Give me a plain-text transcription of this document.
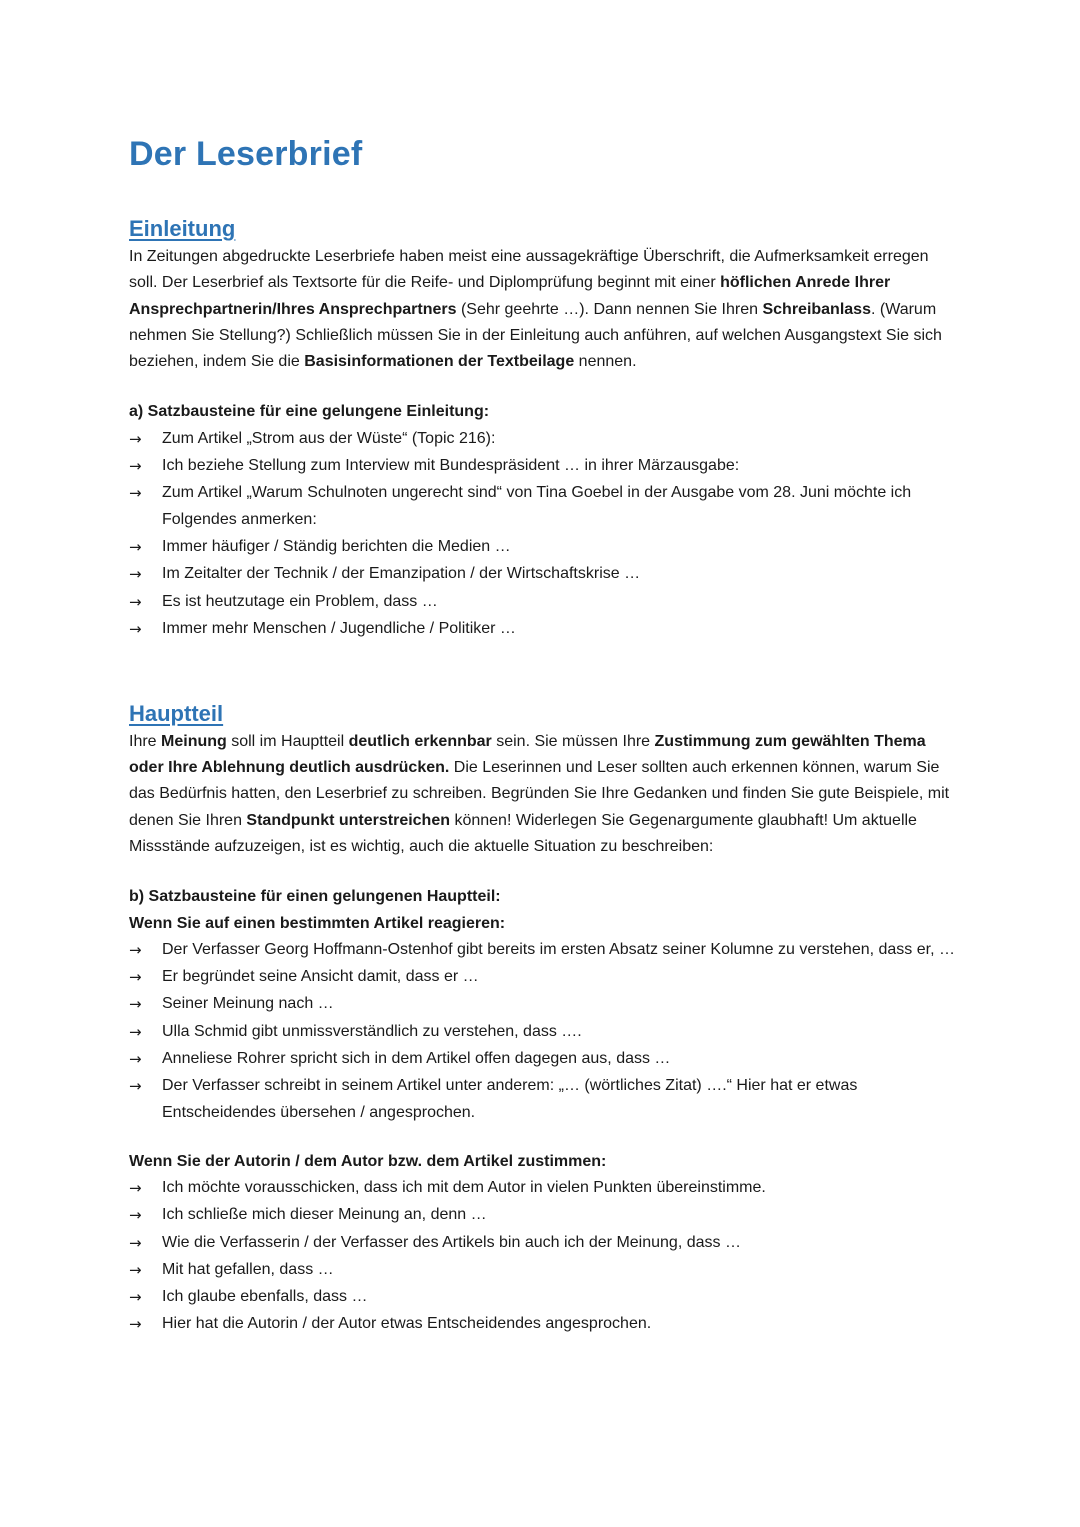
Der Leserbrief
Einleitung

In Zeitungen abgedruckte Leserbriefe haben meist eine aussagekräftige Überschrift, die Aufmerksamkeit erregen soll. Der Leserbrief als Textsorte für die Reife- und Diplomprüfung beginnt mit einer höflichen Anrede Ihrer Ansprechpartnerin/Ihres Ansprechpartners (Sehr geehrte …). Dann nennen Sie Ihren Schreibanlass. (Warum nehmen Sie Stellung?) Schließlich müssen Sie in der Einleitung auch anführen, auf welchen Ausgangstext Sie sich beziehen, indem Sie die Basisinformationen der Textbeilage nennen.

a) Satzbausteine für eine gelungene Einleitung:

→	Zum Artikel „Strom aus der Wüste“ (Topic 216):
→	Ich beziehe Stellung zum Interview mit Bundespräsident … in ihrer Märzausgabe:
→	Zum Artikel „Warum Schulnoten ungerecht sind“ von Tina Goebel in der Ausgabe vom 28. Juni möchte ich Folgendes anmerken:
→	Immer häufiger / Ständig berichten die Medien …
→	Im Zeitalter der Technik / der Emanzipation / der Wirtschaftskrise …
→	Es ist heutzutage ein Problem, dass …
→	Immer mehr Menschen / Jugendliche / Politiker …
Hauptteil

Ihre Meinung soll im Hauptteil deutlich erkennbar sein. Sie müssen Ihre Zustimmung zum gewählten Thema oder Ihre Ablehnung deutlich ausdrücken. Die Leserinnen und Leser sollten auch erkennen können, warum Sie das Bedürfnis hatten, den Leserbrief zu schreiben. Begründen Sie Ihre Gedanken und finden Sie gute Beispiele, mit denen Sie Ihren Standpunkt unterstreichen können! Widerlegen Sie Gegenargumente glaubhaft! Um aktuelle Missstände aufzuzeigen, ist es wichtig, auch die aktuelle Situation zu beschreiben:

b) Satzbausteine für einen gelungenen Hauptteil:

Wenn Sie auf einen bestimmten Artikel reagieren:

→	Der Verfasser Georg Hoffmann-Ostenhof gibt bereits im ersten Absatz seiner Kolumne zu verstehen, dass er, …
→	Er begründet seine Ansicht damit, dass er …
→	Seiner Meinung nach …
→	Ulla Schmid gibt unmissverständlich zu verstehen, dass ….
→	Anneliese Rohrer spricht sich in dem Artikel offen dagegen aus, dass …
→	Der Verfasser schreibt in seinem Artikel unter anderem: „… (wörtliches Zitat) ….“ Hier hat er etwas Entscheidendes übersehen / angesprochen.

Wenn Sie der Autorin / dem Autor bzw. dem Artikel zustimmen:

→	Ich möchte vorausschicken, dass ich mit dem Autor in vielen Punkten übereinstimme.
→	Ich schließe mich dieser Meinung an, denn …
→	Wie die Verfasserin / der Verfasser des Artikels bin auch ich der Meinung, dass …
→	Mit hat gefallen, dass …
→	Ich glaube ebenfalls, dass …
→	Hier hat die Autorin / der Autor etwas Entscheidendes angesprochen.
